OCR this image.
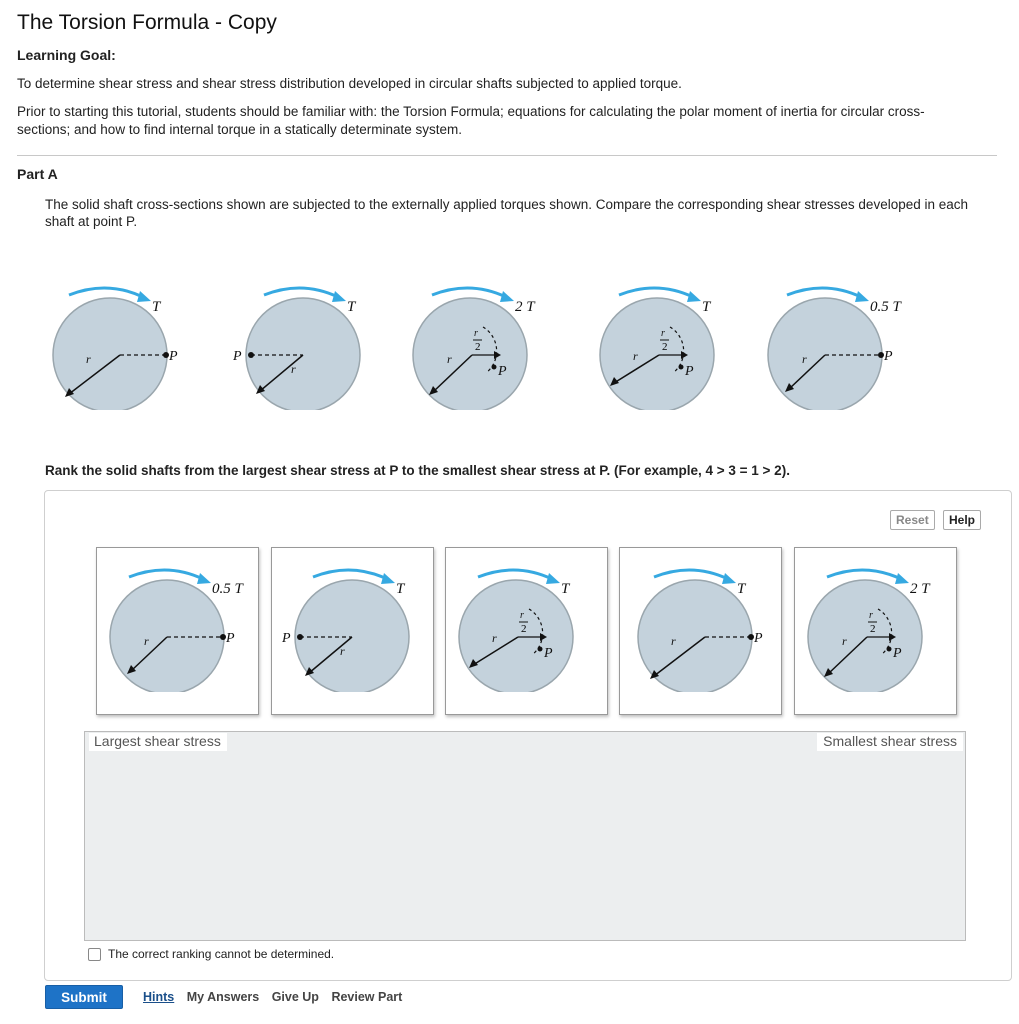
The Torsion Formula - Copy
Learning Goal:
To determine shear stress and shear stress distribution developed in circular shafts subjected to applied torque.
Prior to starting this tutorial, students should be familiar with: the Torsion Formula; equations for calculating the polar moment of inertia for circular cross-sections; and how to find internal torque in a statically determinate system.
Part A
The solid shaft cross-sections shown are subjected to the externally applied torques shown. Compare the corresponding shear stresses developed in each shaft at point P.
T
P
r
T
P
r
2 T
r
2
P
r
T
r
2
P
r
0.5 T
P
r
Rank the solid shafts from the largest shear stress at P to the smallest shear stress at P. (For example, 4 > 3 = 1 > 2).
Reset	Help
0.5 T
P
r
T
P
r
T
r
2
P
r
T
P
r
2 T
r
2
P
r
Largest shear stress	Smallest shear stress
The correct ranking cannot be determined.
Submit	Hints My Answers Give Up Review Part
